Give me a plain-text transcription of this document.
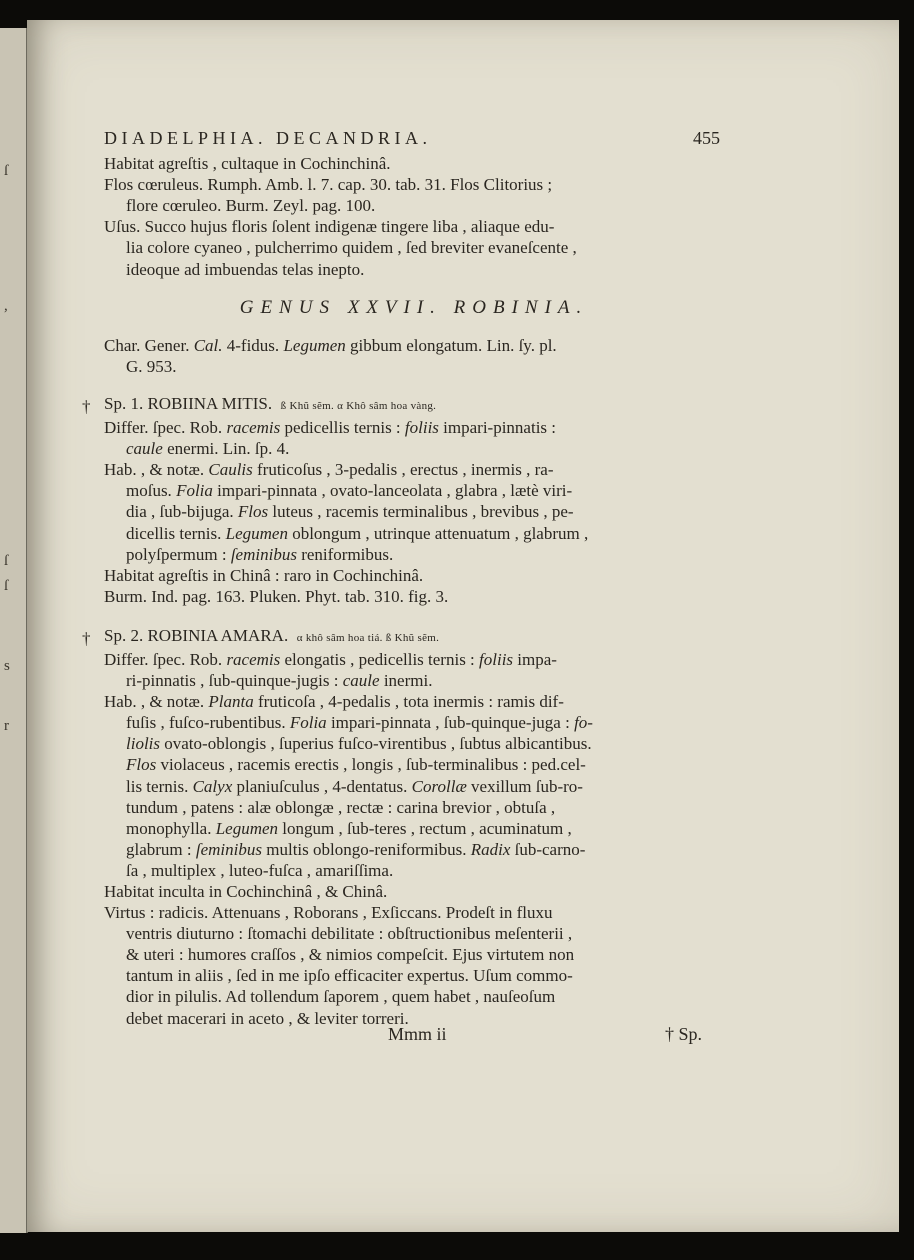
ſ
,
ſ
ſ
s
r
DIADELPHIA. DECANDRIA.	455
Habitat agreſtis , cultaque in Cochinchinâ.
Flos cœruleus. Rumph. Amb. l. 7. cap. 30. tab. 31. Flos Clitorius ;
flore cœruleo. Burm. Zeyl. pag. 100.
Uſus. Succo hujus floris ſolent indigenæ tingere liba , aliaque edu-
lia colore cyaneo , pulcherrimo quidem , ſed breviter evaneſcente ,
ideoque ad imbuendas telas inepto.
GENUS XXVII. ROBINIA.
Char. Gener. Cal. 4-fidus. Legumen gibbum elongatum. Lin. ſy. pl.
G. 953.
† Sp. 1. ROBIINA MITIS. ß Khũ sẽm. α Khô sâm hoa vàng.
Differ. ſpec. Rob. racemis pedicellis ternis : foliis impari-pinnatis :
caule enermi. Lin. ſp. 4.
Hab. , & notæ. Caulis fruticoſus , 3-pedalis , erectus , inermis , ra-
moſus. Folia impari-pinnata , ovato-lanceolata , glabra , lætè viri-
dia , ſub-bijuga. Flos luteus , racemis terminalibus , brevibus , pe-
dicellis ternis. Legumen oblongum , utrinque attenuatum , glabrum ,
polyſpermum : ſeminibus reniformibus.
Habitat agreſtis in Chinâ : raro in Cochinchinâ.
Burm. Ind. pag. 163. Pluken. Phyt. tab. 310. fig. 3.
† Sp. 2. ROBINIA AMARA. α khô sâm hoa tiá. ß Khũ sẽm.
Differ. ſpec. Rob. racemis elongatis , pedicellis ternis : foliis impa-
ri-pinnatis , ſub-quinque-jugis : caule inermi.
Hab. , & notæ. Planta fruticoſa , 4-pedalis , tota inermis : ramis dif-
fuſis , fuſco-rubentibus. Folia impari-pinnata , ſub-quinque-juga : fo-
liolis ovato-oblongis , ſuperius fuſco-virentibus , ſubtus albicantibus.
Flos violaceus , racemis erectis , longis , ſub-terminalibus : ped.cel-
lis ternis. Calyx planiuſculus , 4-dentatus. Corollæ vexillum ſub-ro-
tundum , patens : alæ oblongæ , rectæ : carina brevior , obtuſa ,
monophylla. Legumen longum , ſub-teres , rectum , acuminatum ,
glabrum : ſeminibus multis oblongo-reniformibus. Radix ſub-carno-
ſa , multiplex , luteo-fuſca , amariſſima.
Habitat inculta in Cochinchinâ , & Chinâ.
Virtus : radicis. Attenuans , Roborans , Exſiccans. Prodeſt in fluxu
ventris diuturno : ſtomachi debilitate : obſtructionibus meſenterii ,
& uteri : humores craſſos , & nimios compeſcit. Ejus virtutem non
tantum in aliis , ſed in me ipſo efficaciter expertus. Uſum commo-
dior in pilulis. Ad tollendum ſaporem , quem habet , nauſeoſum
debet macerari in aceto , & leviter torreri.
Mmm ii	† Sp.
